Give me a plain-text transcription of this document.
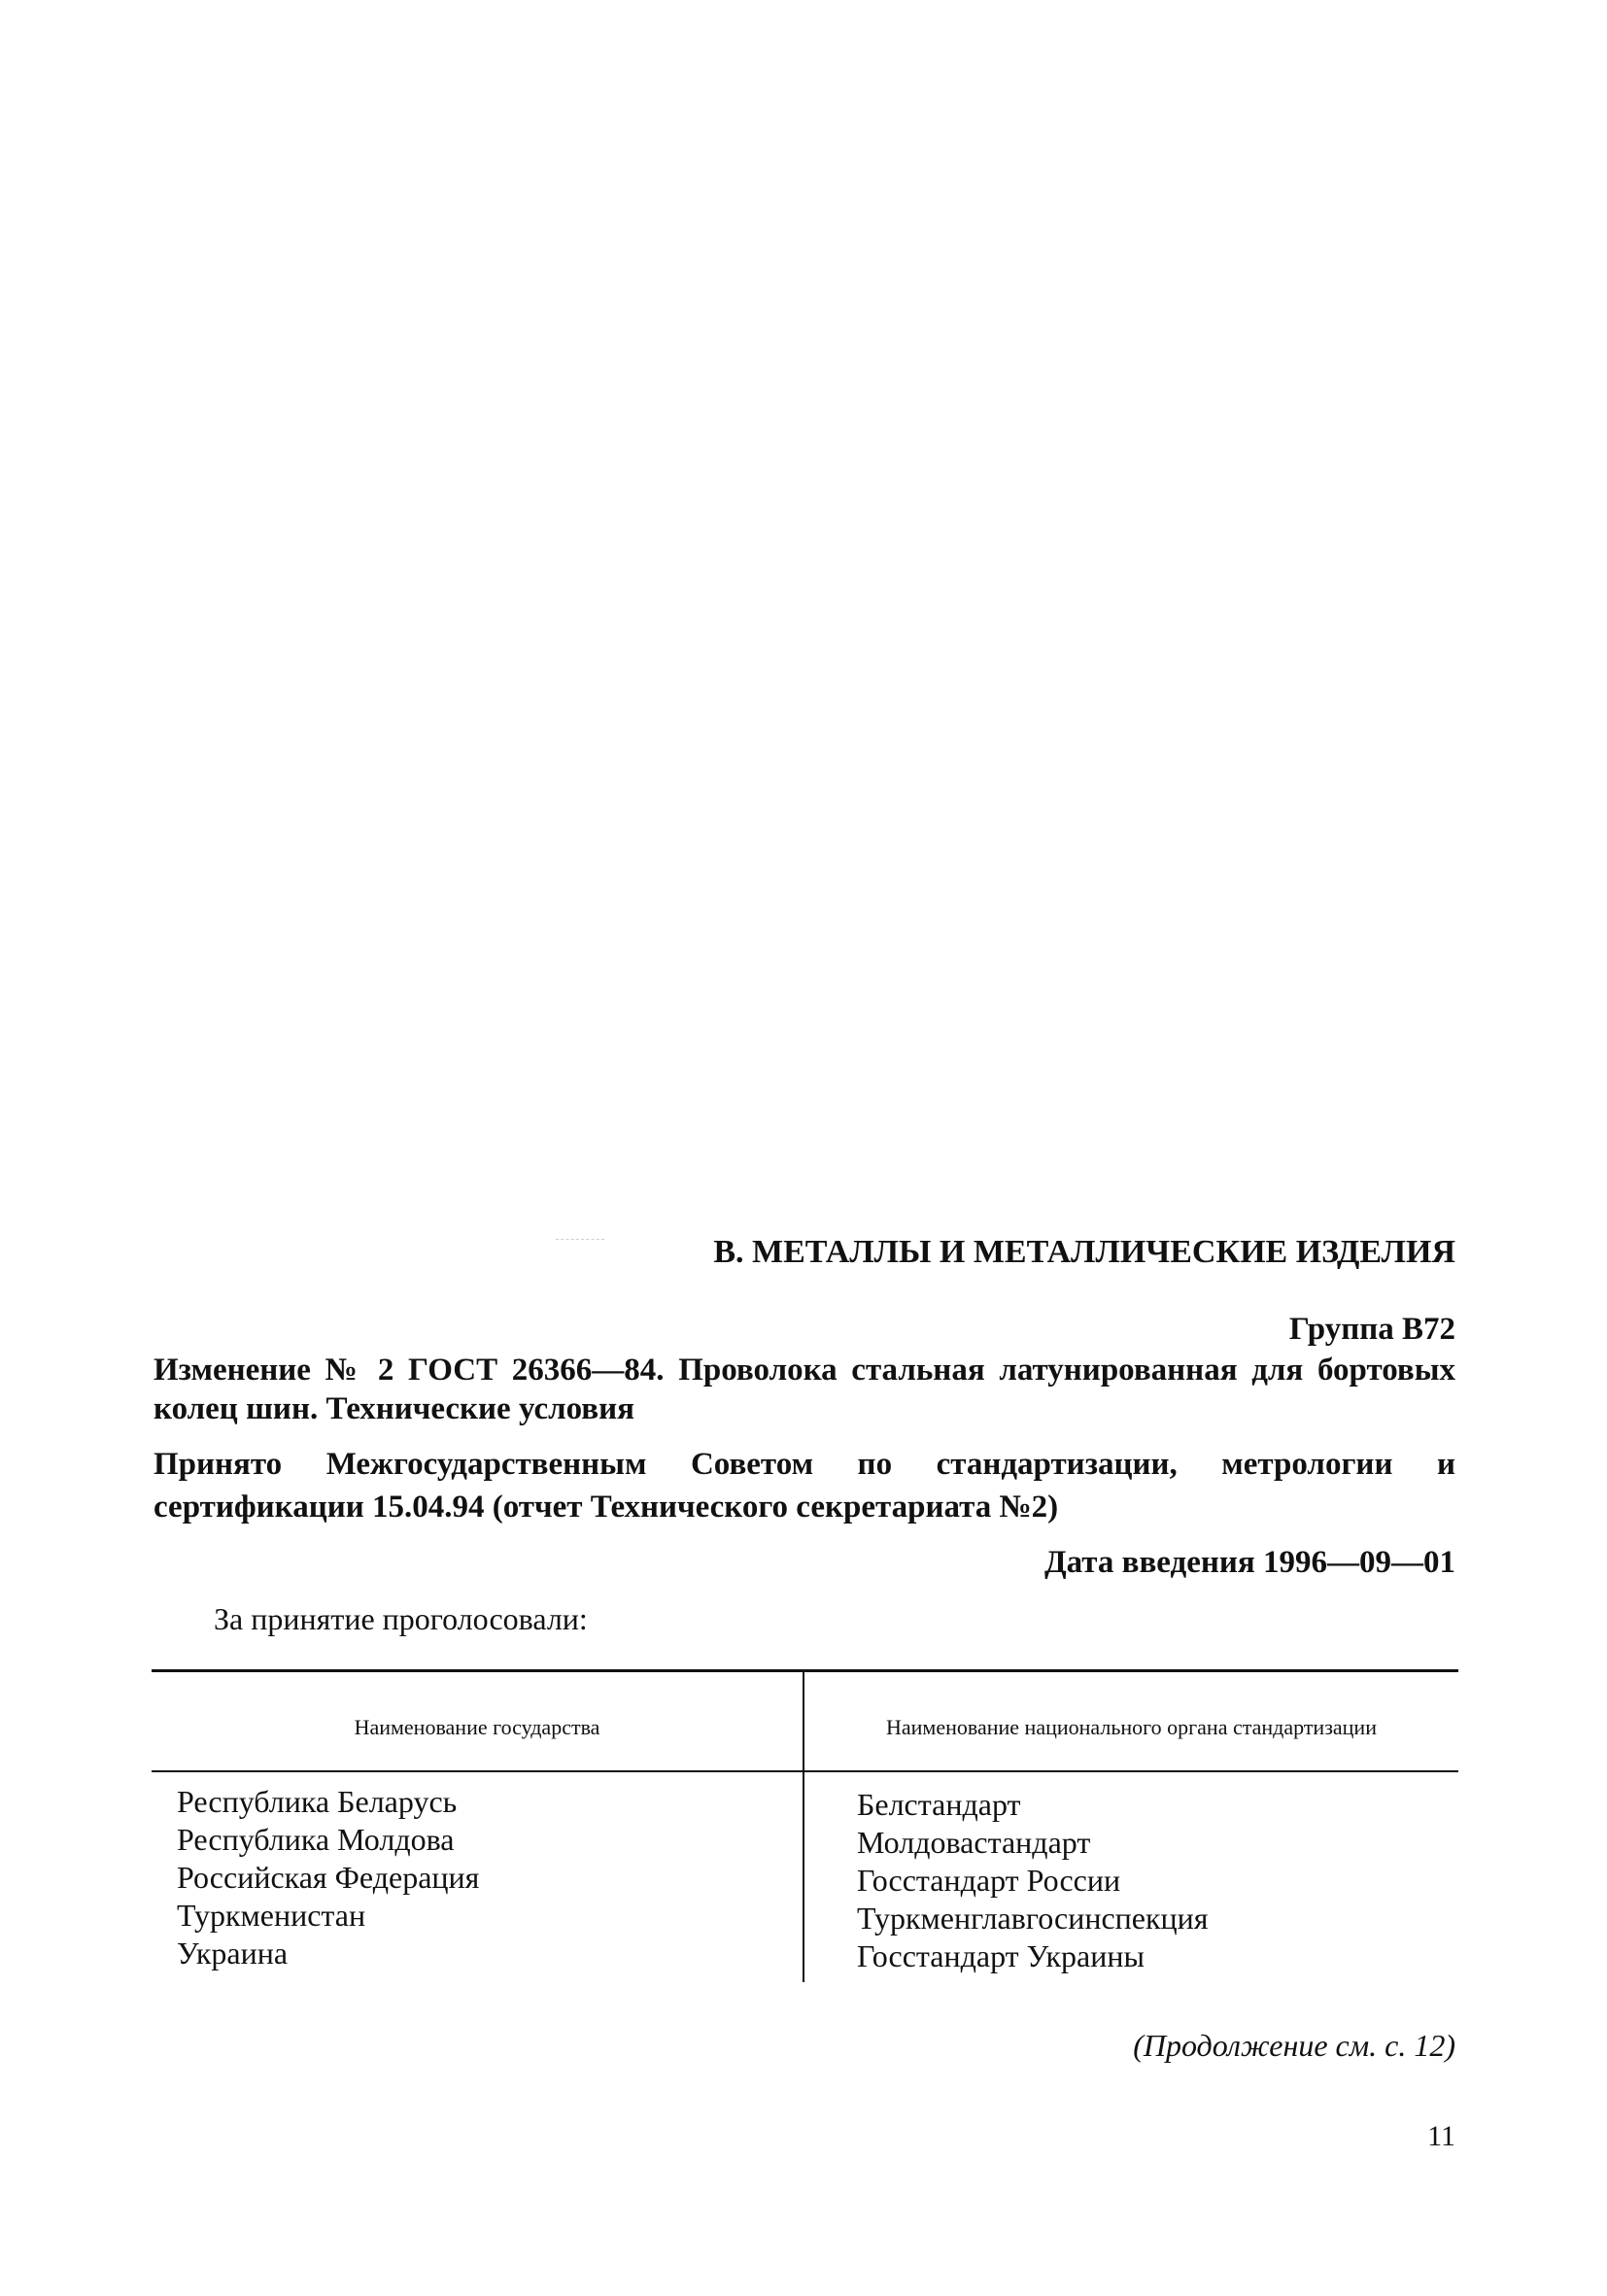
В. МЕТАЛЛЫ И МЕТАЛЛИЧЕСКИЕ ИЗДЕЛИЯ
Группа В72
Изменение № 2 ГОСТ 26366—84. Проволока стальная латунированная для бортовых колец шин. Технические условия
Принято Межгосударственным Советом по стандартизации, метрологии и сертификации 15.04.94 (отчет Технического секретариата №2)
Дата введения 1996—09—01
За принятие проголосовали:
Наименование государства	Наименование национального органа стандартизации
Республика Беларусь
Республика Молдова
Российская Федерация
Туркменистан
Украина
Белстандарт
Молдовастандарт
Госстандарт России
Туркменглавгосинспекция
Госстандарт Украины
(Продолжение см. с. 12)
11
